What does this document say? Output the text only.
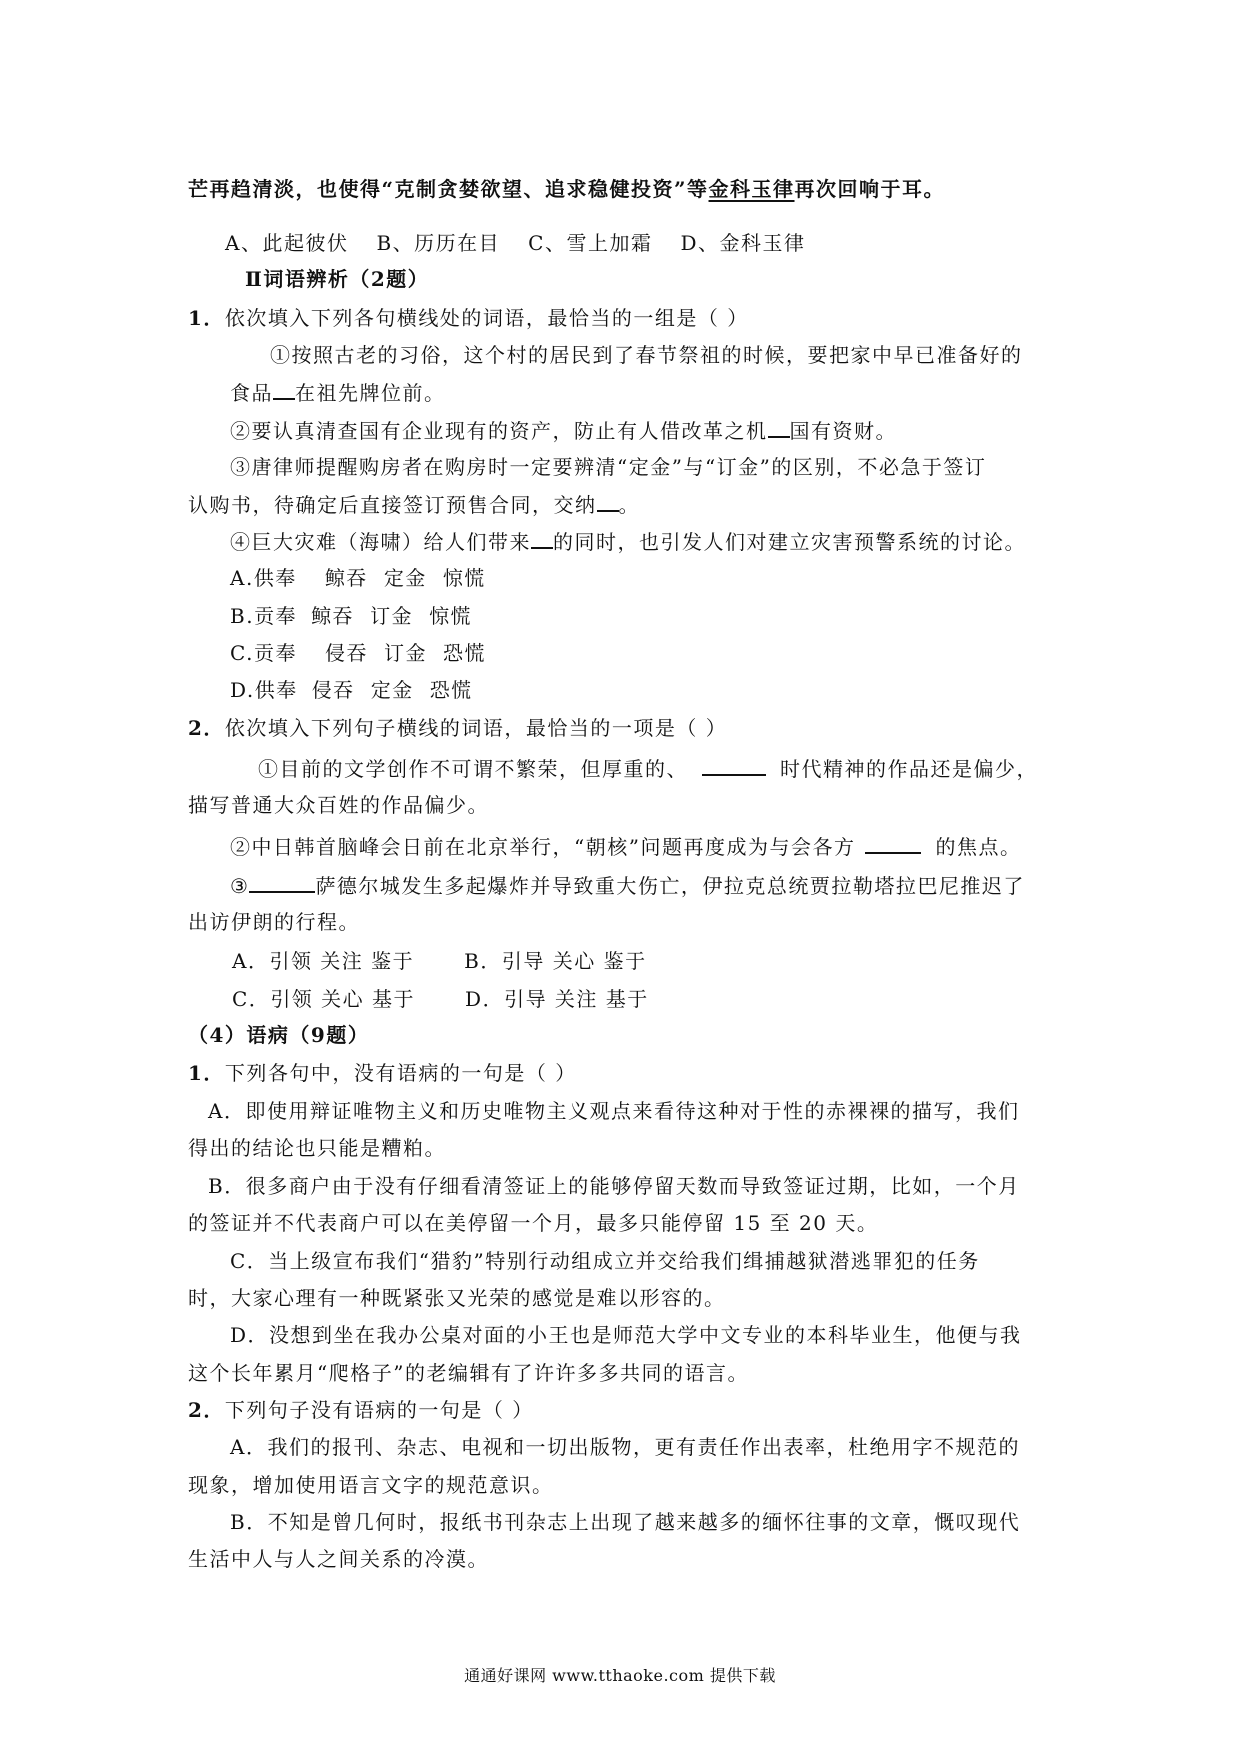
芒再趋清淡，也使得“克制贪婪欲望、追求稳健投资”等金科玉律再次回响于耳。
A、此起彼伏 B、历历在目 C、雪上加霜 D、金科玉律
Ⅱ词语辨析（2题）
1．依次填入下列各句横线处的词语，最恰当的一组是（ ）
①按照古老的习俗，这个村的居民到了春节祭祖的时候，要把家中早已准备好的
食品 在祖先牌位前。
②要认真清查国有企业现有的资产，防止有人借改革之机 国有资财。
③唐律师提醒购房者在购房时一定要辨清“定金”与“订金”的区别，不必急于签订
认购书，待确定后直接签订预售合同，交纳 。
④巨大灾难（海啸）给人们带来 的同时，也引发人们对建立灾害预警系统的讨论。
A.供奉 鲸吞 定金 惊慌
B.贡奉 鲸吞 订金 惊慌
C.贡奉 侵吞 订金 恐慌
D.供奉 侵吞 定金 恐慌
2．依次填入下列句子横线的词语，最恰当的一项是（ ）
①目前的文学创作不可谓不繁荣，但厚重的、	时代精神的作品还是偏少，
描写普通大众百姓的作品偏少。
②中日韩首脑峰会日前在北京举行，“朝核”问题再度成为与会各方	的焦点。
③	萨德尔城发生多起爆炸并导致重大伤亡，伊拉克总统贾拉勒塔拉巴尼推迟了
出访伊朗的行程。
A．引领 关注 鉴于	B．引导 关心 鉴于
C．引领 关心 基于	D．引导 关注 基于
（4）语病（9题）
1．下列各句中，没有语病的一句是（ ）
A．即使用辩证唯物主义和历史唯物主义观点来看待这种对于性的赤裸裸的描写，我们
得出的结论也只能是糟粕。
B．很多商户由于没有仔细看清签证上的能够停留天数而导致签证过期，比如，一个月
的签证并不代表商户可以在美停留一个月，最多只能停留 15 至 20 天。
C．当上级宣布我们“猎豹”特别行动组成立并交给我们缉捕越狱潜逃罪犯的任务
时，大家心理有一种既紧张又光荣的感觉是难以形容的。
D．没想到坐在我办公桌对面的小王也是师范大学中文专业的本科毕业生，他便与我
这个长年累月“爬格子”的老编辑有了许许多多共同的语言。
2．下列句子没有语病的一句是（ ）
A．我们的报刊、杂志、电视和一切出版物，更有责任作出表率，杜绝用字不规范的
现象，增加使用语言文字的规范意识。
B．不知是曾几何时，报纸书刊杂志上出现了越来越多的缅怀往事的文章，慨叹现代
生活中人与人之间关系的冷漠。
通通好课网 www.tthaoke.com 提供下载
